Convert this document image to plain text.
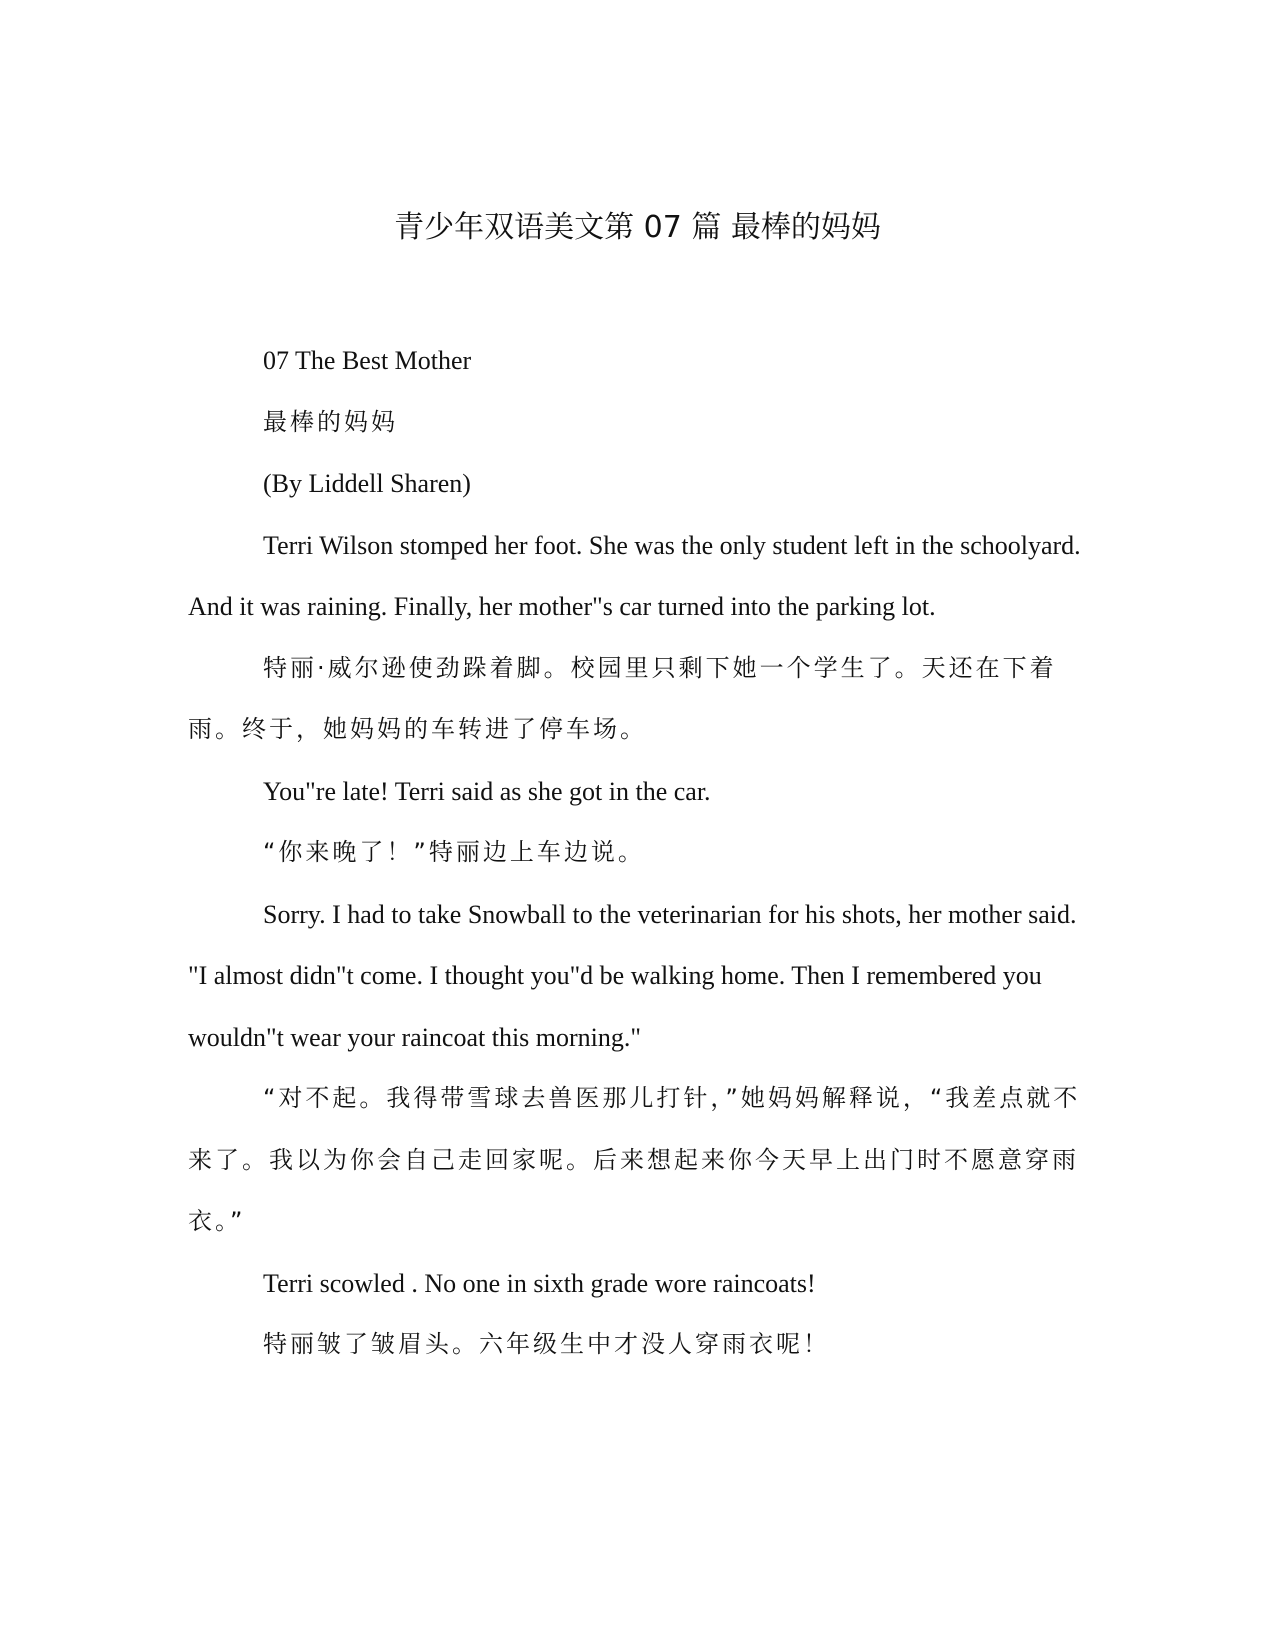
青少年双语美文第 07 篇 最棒的妈妈

07 The Best Mother

最棒的妈妈

(By Liddell Sharen)

Terri Wilson stomped her foot. She was the only student left in the schoolyard. And it was raining. Finally, her mother"s car turned into the parking lot.

特丽·威尔逊使劲跺着脚。校园里只剩下她一个学生了。天还在下着雨。终于，她妈妈的车转进了停车场。

You"re late! Terri said as she got in the car.

“你来晚了！”特丽边上车边说。

Sorry. I had to take Snowball to the veterinarian for his shots, her mother said. "I almost didn"t come. I thought you"d be walking home. Then I remembered you wouldn"t wear your raincoat this morning."

“对不起。我得带雪球去兽医那儿打针，”她妈妈解释说，“我差点就不来了。我以为你会自己走回家呢。后来想起来你今天早上出门时不愿意穿雨衣。”

Terri scowled . No one in sixth grade wore raincoats!

特丽皱了皱眉头。六年级生中才没人穿雨衣呢！
